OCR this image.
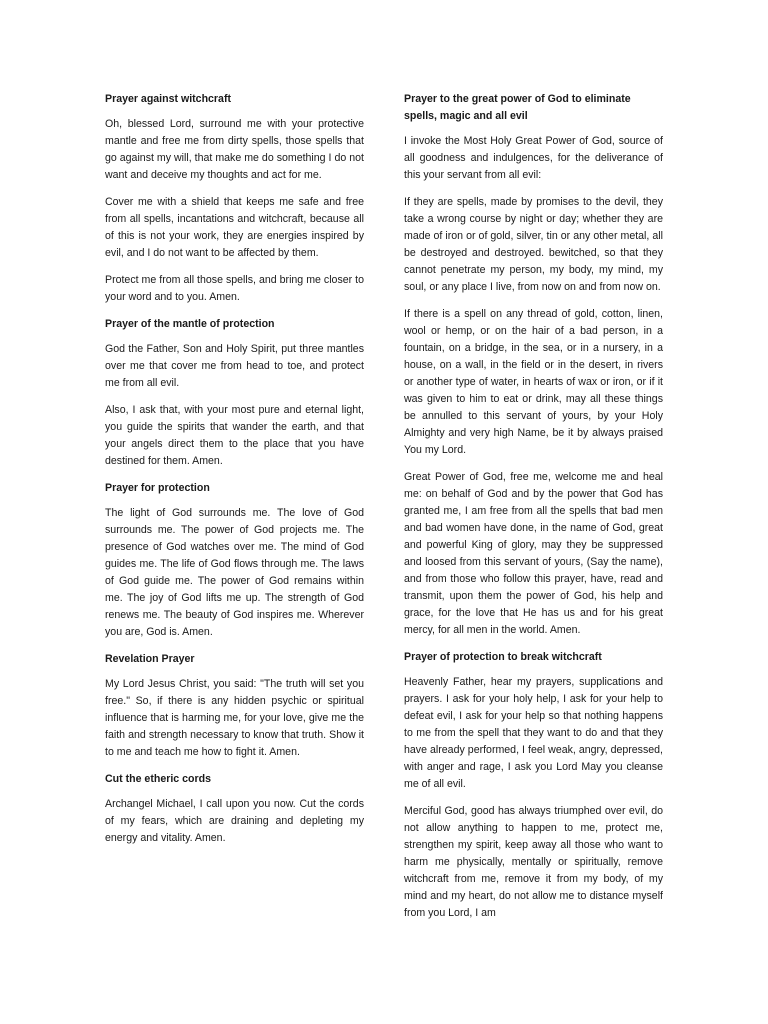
Prayer against witchcraft

Oh, blessed Lord, surround me with your protective mantle and free me from dirty spells, those spells that go against my will, that make me do something I do not want and deceive my thoughts and act for me.

Cover me with a shield that keeps me safe and free from all spells, incantations and witchcraft, because all of this is not your work, they are energies inspired by evil, and I do not want to be affected by them.

Protect me from all those spells, and bring me closer to your word and to you. Amen.

Prayer of the mantle of protection

God the Father, Son and Holy Spirit, put three mantles over me that cover me from head to toe, and protect me from all evil.

Also, I ask that, with your most pure and eternal light, you guide the spirits that wander the earth, and that your angels direct them to the place that you have destined for them. Amen.

Prayer for protection

The light of God surrounds me. The love of God surrounds me. The power of God projects me. The presence of God watches over me. The mind of God guides me. The life of God flows through me. The laws of God guide me. The power of God remains within me. The joy of God lifts me up. The strength of God renews me. The beauty of God inspires me. Wherever you are, God is. Amen.

Revelation Prayer

My Lord Jesus Christ, you said: "The truth will set you free." So, if there is any hidden psychic or spiritual influence that is harming me, for your love, give me the faith and strength necessary to know that truth. Show it to me and teach me how to fight it. Amen.

Cut the etheric cords

Archangel Michael, I call upon you now. Cut the cords of my fears, which are draining and depleting my energy and vitality. Amen.

Prayer to the great power of God to eliminate spells, magic and all evil

I invoke the Most Holy Great Power of God, source of all goodness and indulgences, for the deliverance of this your servant from all evil:

If they are spells, made by promises to the devil, they take a wrong course by night or day; whether they are made of iron or of gold, silver, tin or any other metal, all be destroyed and destroyed. bewitched, so that they cannot penetrate my person, my body, my mind, my soul, or any place I live, from now on and from now on.

If there is a spell on any thread of gold, cotton, linen, wool or hemp, or on the hair of a bad person, in a fountain, on a bridge, in the sea, or in a nursery, in a house, on a wall, in the field or in the desert, in rivers or another type of water, in hearts of wax or iron, or if it was given to him to eat or drink, may all these things be annulled to this servant of yours, by your Holy Almighty and very high Name, be it by always praised You my Lord.

Great Power of God, free me, welcome me and heal me: on behalf of God and by the power that God has granted me, I am free from all the spells that bad men and bad women have done, in the name of God, great and powerful King of glory, may they be suppressed and loosed from this servant of yours, (Say the name), and from those who follow this prayer, have, read and transmit, upon them the power of God, his help and grace, for the love that He has us and for his great mercy, for all men in the world. Amen.

Prayer of protection to break witchcraft

Heavenly Father, hear my prayers, supplications and prayers. I ask for your holy help, I ask for your help to defeat evil, I ask for your help so that nothing happens to me from the spell that they want to do and that they have already performed, I feel weak, angry, depressed, with anger and rage, I ask you Lord May you cleanse me of all evil.

Merciful God, good has always triumphed over evil, do not allow anything to happen to me, protect me, strengthen my spirit, keep away all those who want to harm me physically, mentally or spiritually, remove witchcraft from me, remove it from my body, of my mind and my heart, do not allow me to distance myself from you Lord, I am
